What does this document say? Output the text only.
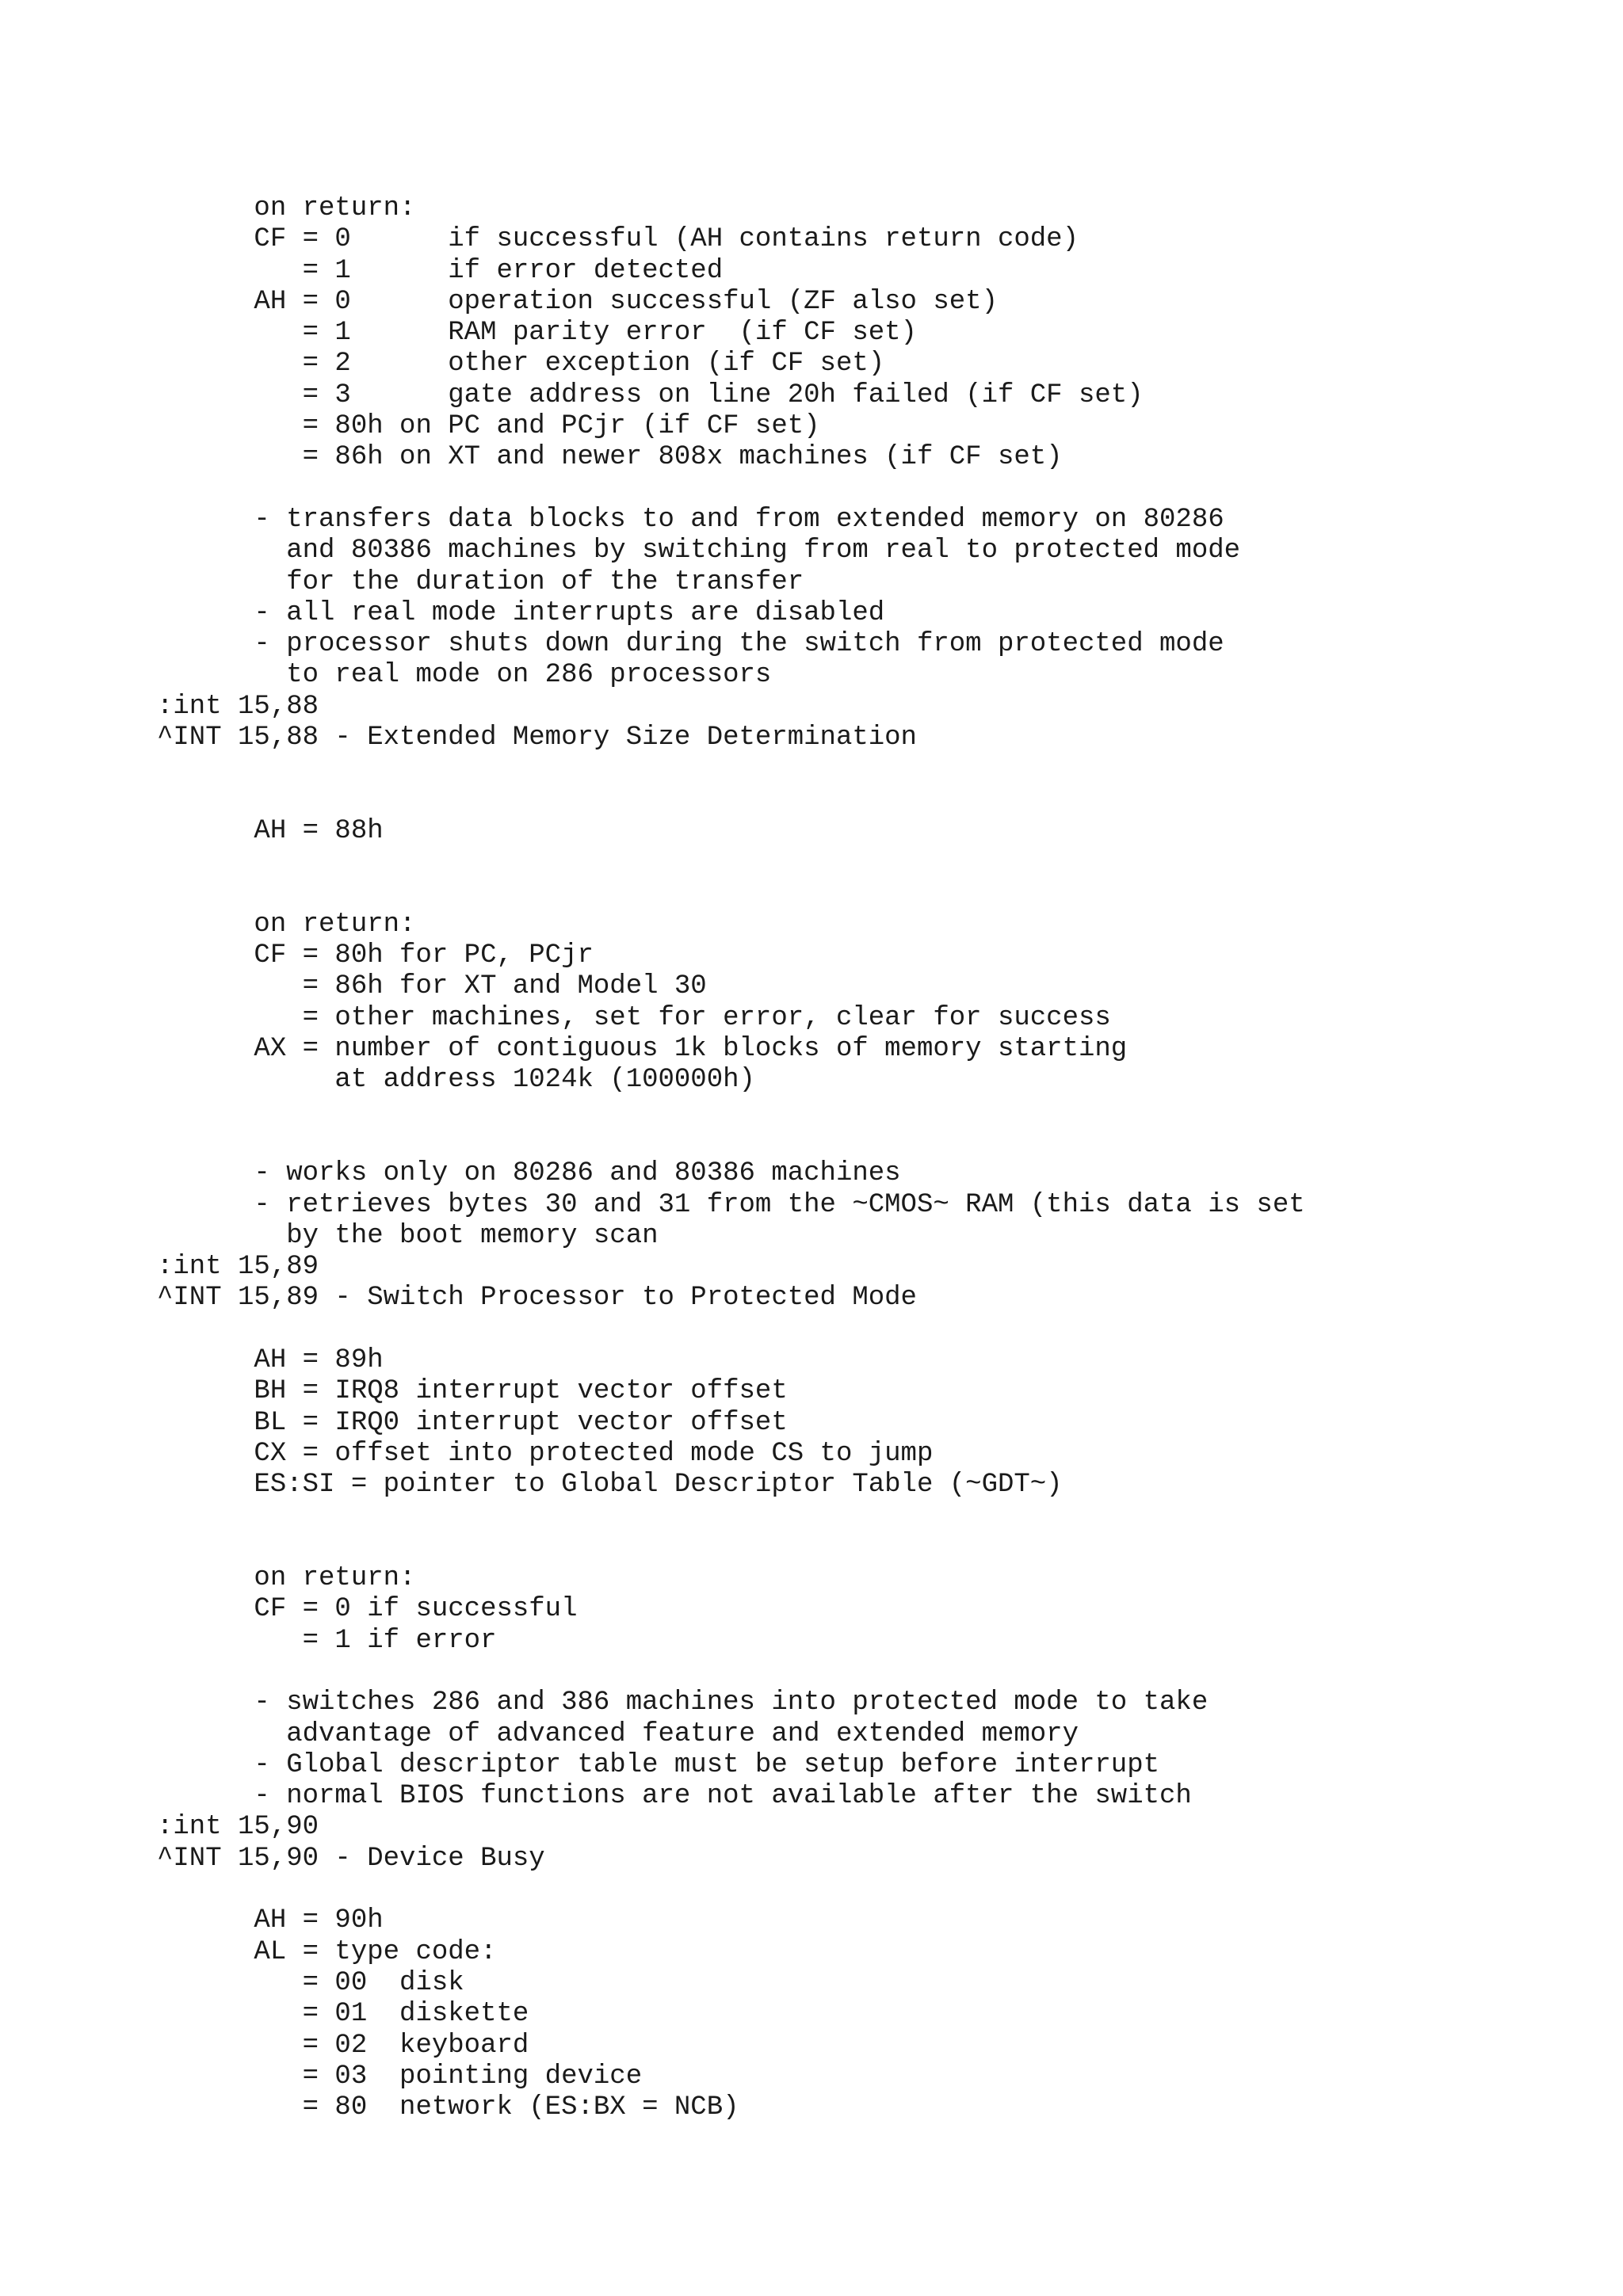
on return:
CF = 0      if successful (AH contains return code)
= 1      if error detected
AH = 0      operation successful (ZF also set)
= 1      RAM parity error  (if CF set)
= 2      other exception (if CF set)
= 3      gate address on line 20h failed (if CF set)
= 80h on PC and PCjr (if CF set)
= 86h on XT and newer 808x machines (if CF set)
- transfers data blocks to and from extended memory on 80286
and 80386 machines by switching from real to protected mode
for the duration of the transfer
- all real mode interrupts are disabled
- processor shuts down during the switch from protected mode
to real mode on 286 processors
:int 15,88
^INT 15,88 - Extended Memory Size Determination
AH = 88h
on return:
CF = 80h for PC, PCjr
= 86h for XT and Model 30
= other machines, set for error, clear for success
AX = number of contiguous 1k blocks of memory starting
at address 1024k (100000h)
- works only on 80286 and 80386 machines
- retrieves bytes 30 and 31 from the ~CMOS~ RAM (this data is set
by the boot memory scan
:int 15,89
^INT 15,89 - Switch Processor to Protected Mode
AH = 89h
BH = IRQ8 interrupt vector offset
BL = IRQ0 interrupt vector offset
CX = offset into protected mode CS to jump
ES:SI = pointer to Global Descriptor Table (~GDT~)
on return:
CF = 0 if successful
= 1 if error
- switches 286 and 386 machines into protected mode to take
advantage of advanced feature and extended memory
- Global descriptor table must be setup before interrupt
- normal BIOS functions are not available after the switch
:int 15,90
^INT 15,90 - Device Busy
AH = 90h
AL = type code:
= 00  disk
= 01  diskette
= 02  keyboard
= 03  pointing device
= 80  network (ES:BX = NCB)
